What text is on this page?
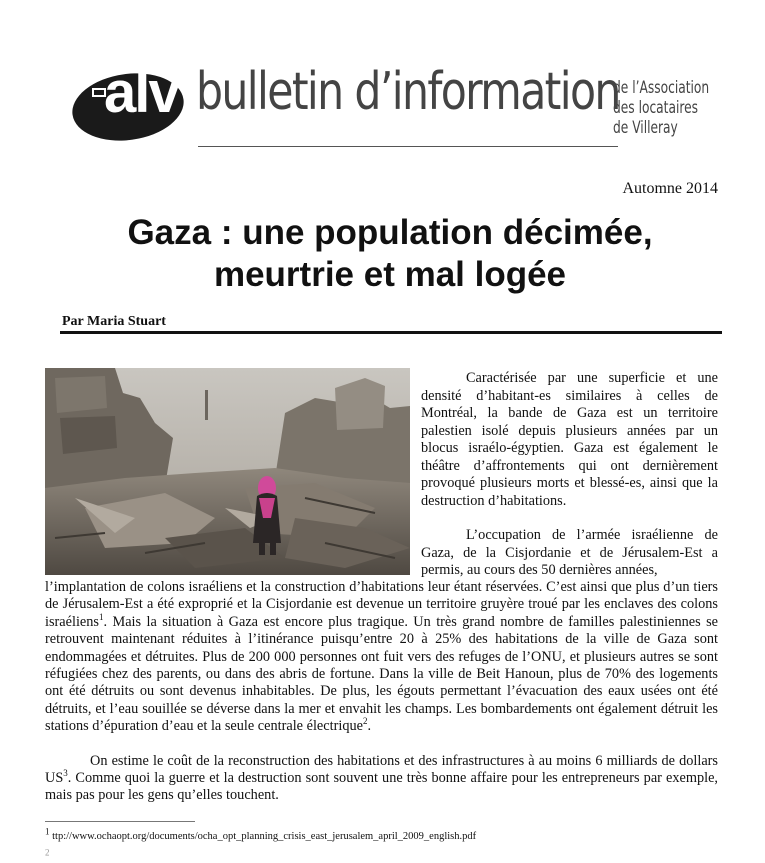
alv bulletin d’information
de l’Association
des locataires
de Villeray
Automne 2014
Gaza : une population décimée,
meurtrie et mal logée
Par Maria Stuart

Caractérisée par une superficie et une densité d’habitant-es similaires à celles de Montréal, la bande de Gaza est un territoire palestien isolé depuis plusieurs années par un blocus israélo-égyptien. Gaza est également le théâtre d’affrontements qui ont dernièrement provoqué plusieurs morts et blessé-es, ainsi que la destruction d’habitations.

L’occupation de l’armée israélienne de Gaza, de la Cisjordanie et de Jérusalem-Est a permis, au cours des 50 dernières années,

l’implantation de colons israéliens et la construction d’habitations leur étant réservées. C’est ainsi que plus d’un tiers de Jérusalem-Est a été exproprié et la Cisjordanie est devenue un territoire gruyère troué par les enclaves des colons israéliens$^1$. Mais la situation à Gaza est encore plus tragique. Un très grand nombre de familles palestiniennes se retrouvent maintenant réduites à l’itinérance puisqu’entre 20 à 25% des habitations de la ville de Gaza sont endommagées et détruites. Plus de 200 000 personnes ont fuit vers des refuges de l’ONU, et plusieurs autres se sont réfugiées chez des parents, ou dans des abris de fortune. Dans la ville de Beit Hanoun, plus de 70% des logements ont été détruits ou sont devenus inhabitables. De plus, les égouts permettant l’évacuation des eaux usées ont été détruits, et l’eau souillée se déverse dans la mer et envahit les champs. Les bombardements ont également détruit les stations d’épuration d’eau et la seule centrale électrique$^2$.

On estime le coût de la reconstruction des habitations et des infrastructures à au moins 6 milliards de dollars $US^3$. Comme quoi la guerre et la destruction sont souvent une très bonne affaire pour les entrepreneurs par exemple, mais pas pour les gens qu’elles touchent.

$^1$ ttp://www.ochaopt.org/documents/ocha_opt_planning_crisis_east_jerusalem_april_2009_english.pdf
$^2$
